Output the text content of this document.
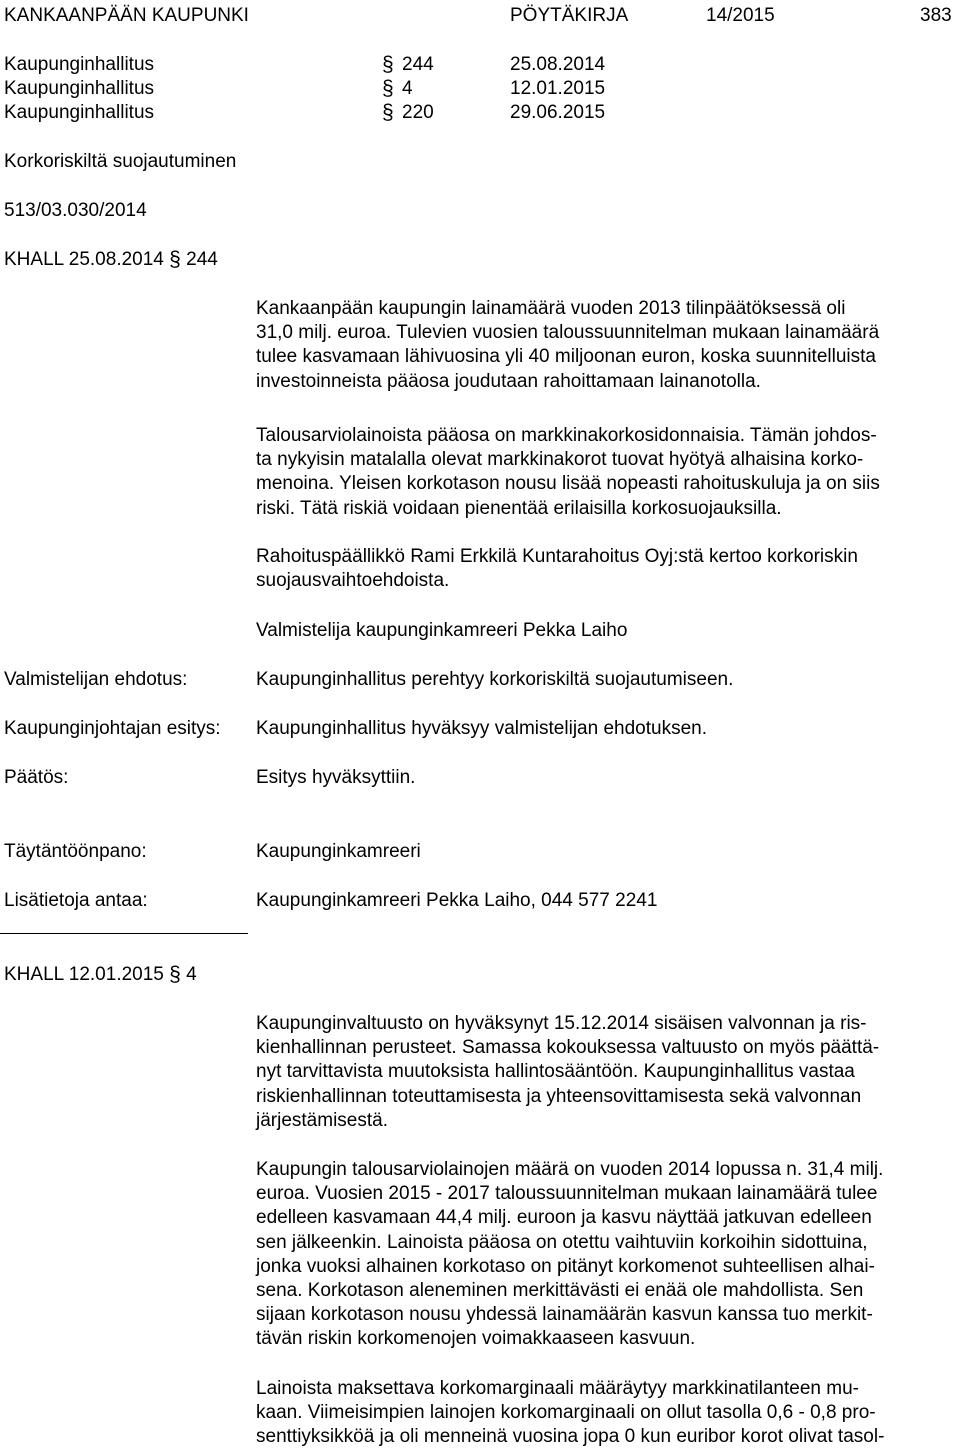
KANKAANPÄÄN KAUPUNKI	PÖYTÄKIRJA	14/2015	383
Kaupunginhallitus	§ 244	25.08.2014
Kaupunginhallitus	§ 4	12.01.2015
Kaupunginhallitus	§ 220	29.06.2015
Korkoriskiltä suojautuminen
513/03.030/2014
KHALL 25.08.2014 § 244
Kankaanpään kaupungin lainamäärä vuoden 2013 tilinpäätöksessä oli
31,0 milj. euroa. Tulevien vuosien taloussuunnitelman mukaan lainamäärä
tulee kasvamaan lähivuosina yli 40 miljoonan euron, koska suunnitelluista
investoinneista pääosa joudutaan rahoittamaan lainanotolla.
Talousarviolainoista pääosa on markkinakorkosidonnaisia. Tämän johdos-
ta nykyisin matalalla olevat markkinakorot tuovat hyötyä alhaisina korko-
menoina. Yleisen korkotason nousu lisää nopeasti rahoituskuluja ja on siis
riski. Tätä riskiä voidaan pienentää erilaisilla korkosuojauksilla.
Rahoituspäällikkö Rami Erkkilä Kuntarahoitus Oyj:stä kertoo korkoriskin
suojausvaihtoehdoista.
Valmistelija kaupunginkamreeri Pekka Laiho
Valmistelijan ehdotus:	Kaupunginhallitus perehtyy korkoriskiltä suojautumiseen.
Kaupunginjohtajan esitys: Kaupunginhallitus hyväksyy valmistelijan ehdotuksen.
Päätös:	Esitys hyväksyttiin.
Täytäntöönpano:	Kaupunginkamreeri
Lisätietoja antaa:	Kaupunginkamreeri Pekka Laiho, 044 577 2241
KHALL 12.01.2015 § 4
Kaupunginvaltuusto on hyväksynyt 15.12.2014 sisäisen valvonnan ja ris-
kienhallinnan perusteet. Samassa kokouksessa valtuusto on myös päättä-
nyt tarvittavista muutoksista hallintosääntöön. Kaupunginhallitus vastaa
riskienhallinnan toteuttamisesta ja yhteensovittamisesta sekä valvonnan
järjestämisestä.
Kaupungin talousarviolainojen määrä on vuoden 2014 lopussa n. 31,4 milj.
euroa. Vuosien 2015 - 2017 taloussuunnitelman mukaan lainamäärä tulee
edelleen kasvamaan 44,4 milj. euroon ja kasvu näyttää jatkuvan edelleen
sen jälkeenkin. Lainoista pääosa on otettu vaihtuviin korkoihin sidottuina,
jonka vuoksi alhainen korkotaso on pitänyt korkomenot suhteellisen alhai-
sena. Korkotason aleneminen merkittävästi ei enää ole mahdollista. Sen
sijaan korkotason nousu yhdessä lainamäärän kasvun kanssa tuo merkit-
tävän riskin korkomenojen voimakkaaseen kasvuun.
Lainoista maksettava korkomarginaali määräytyy markkinatilanteen mu-
kaan. Viimeisimpien lainojen korkomarginaali on ollut tasolla 0,6 - 0,8 pro-
senttiyksikköä ja oli menneinä vuosina jopa 0 kun euribor korot olivat tasol-
